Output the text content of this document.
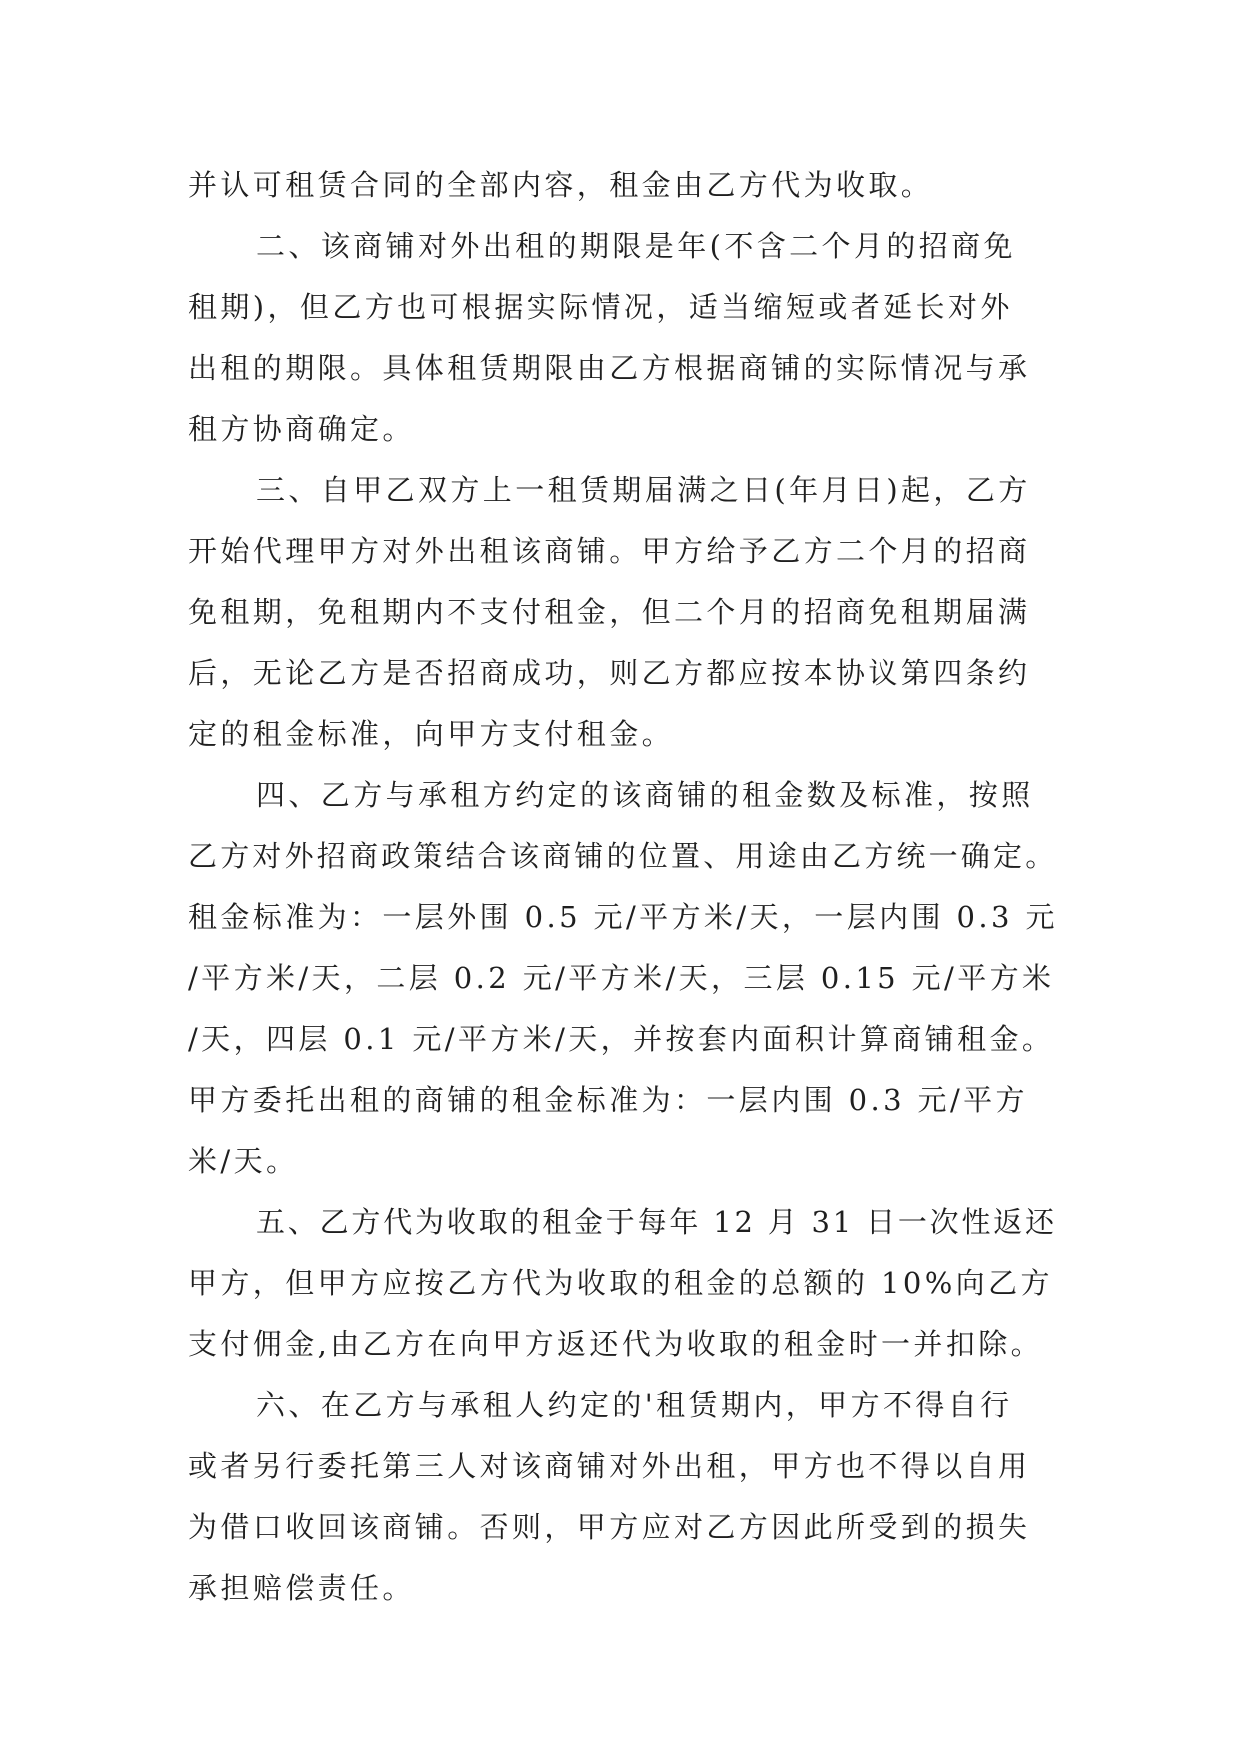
并认可租赁合同的全部内容，租金由乙方代为收取。
二、该商铺对外出租的期限是年(不含二个月的招商免
租期)，但乙方也可根据实际情况，适当缩短或者延长对外
出租的期限。具体租赁期限由乙方根据商铺的实际情况与承
租方协商确定。
三、自甲乙双方上一租赁期届满之日(年月日)起，乙方
开始代理甲方对外出租该商铺。甲方给予乙方二个月的招商
免租期，免租期内不支付租金，但二个月的招商免租期届满
后，无论乙方是否招商成功，则乙方都应按本协议第四条约
定的租金标准，向甲方支付租金。
四、乙方与承租方约定的该商铺的租金数及标准，按照
乙方对外招商政策结合该商铺的位置、用途由乙方统一确定。
租金标准为：一层外围 0.5 元/平方米/天，一层内围 0.3 元
/平方米/天，二层 0.2 元/平方米/天，三层 0.15 元/平方米
/天，四层 0.1 元/平方米/天，并按套内面积计算商铺租金。
甲方委托出租的商铺的租金标准为：一层内围 0.3 元/平方
米/天。
五、乙方代为收取的租金于每年 12 月 31 日一次性返还
甲方，但甲方应按乙方代为收取的租金的总额的 10%向乙方
支付佣金,由乙方在向甲方返还代为收取的租金时一并扣除。
六、在乙方与承租人约定的'租赁期内，甲方不得自行
或者另行委托第三人对该商铺对外出租，甲方也不得以自用
为借口收回该商铺。否则，甲方应对乙方因此所受到的损失
承担赔偿责任。
